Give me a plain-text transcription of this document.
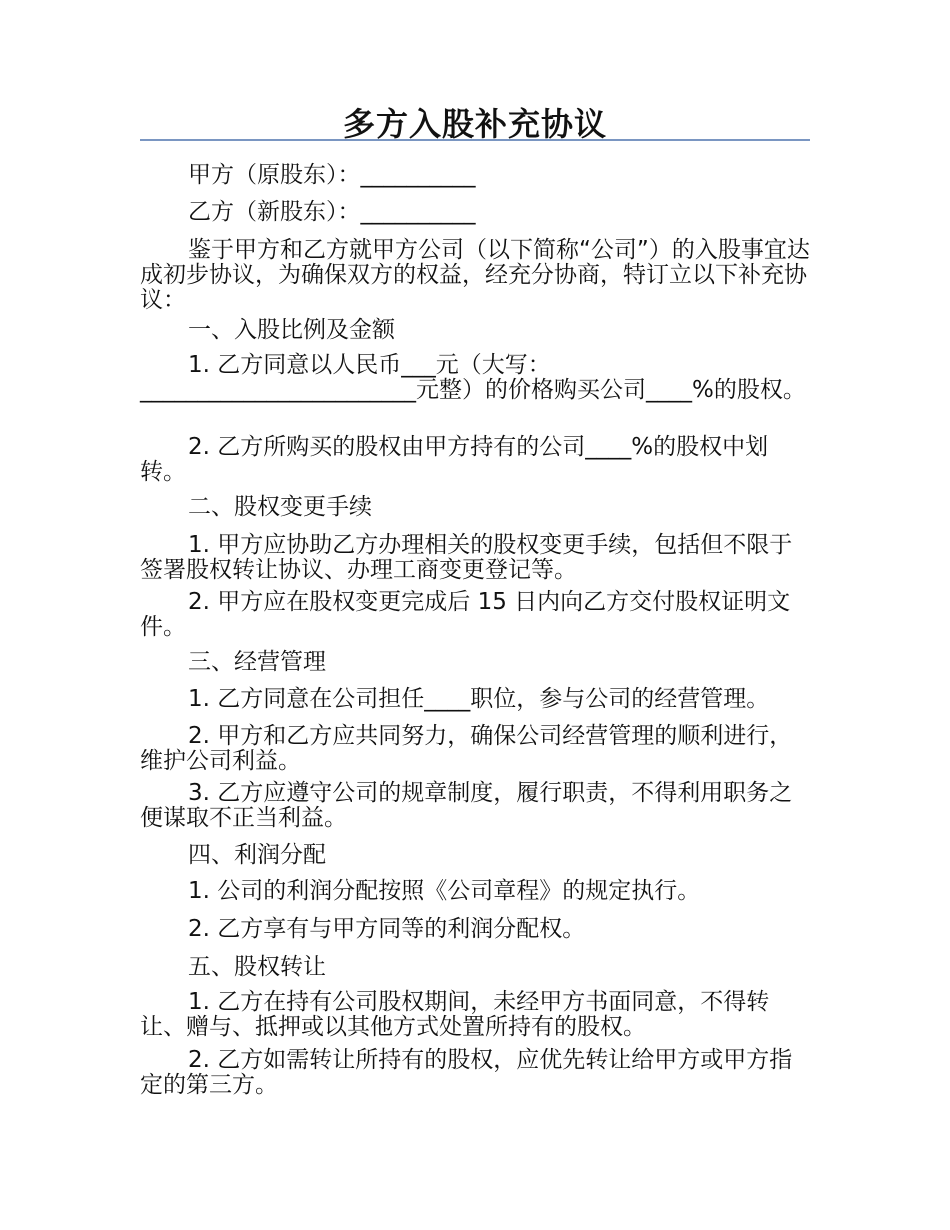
多方入股补充协议
甲方（原股东）：__________
乙方（新股东）：__________
鉴于甲方和乙方就甲方公司（以下简称“公司”）的入股事宜达成初步协议，为确保双方的权益，经充分协商，特订立以下补充协议：
一、入股比例及金额
1. 乙方同意以人民币___元（大写：________________________元整）的价格购买公司____%的股权。
2. 乙方所购买的股权由甲方持有的公司____%的股权中划转。
二、股权变更手续
1. 甲方应协助乙方办理相关的股权变更手续，包括但不限于签署股权转让协议、办理工商变更登记等。
2. 甲方应在股权变更完成后 15 日内向乙方交付股权证明文件。
三、经营管理
1. 乙方同意在公司担任____职位，参与公司的经营管理。
2. 甲方和乙方应共同努力，确保公司经营管理的顺利进行，维护公司利益。
3. 乙方应遵守公司的规章制度，履行职责，不得利用职务之便谋取不正当利益。
四、利润分配
1. 公司的利润分配按照《公司章程》的规定执行。
2. 乙方享有与甲方同等的利润分配权。
五、股权转让
1. 乙方在持有公司股权期间，未经甲方书面同意，不得转让、赠与、抵押或以其他方式处置所持有的股权。
2. 乙方如需转让所持有的股权，应优先转让给甲方或甲方指定的第三方。
